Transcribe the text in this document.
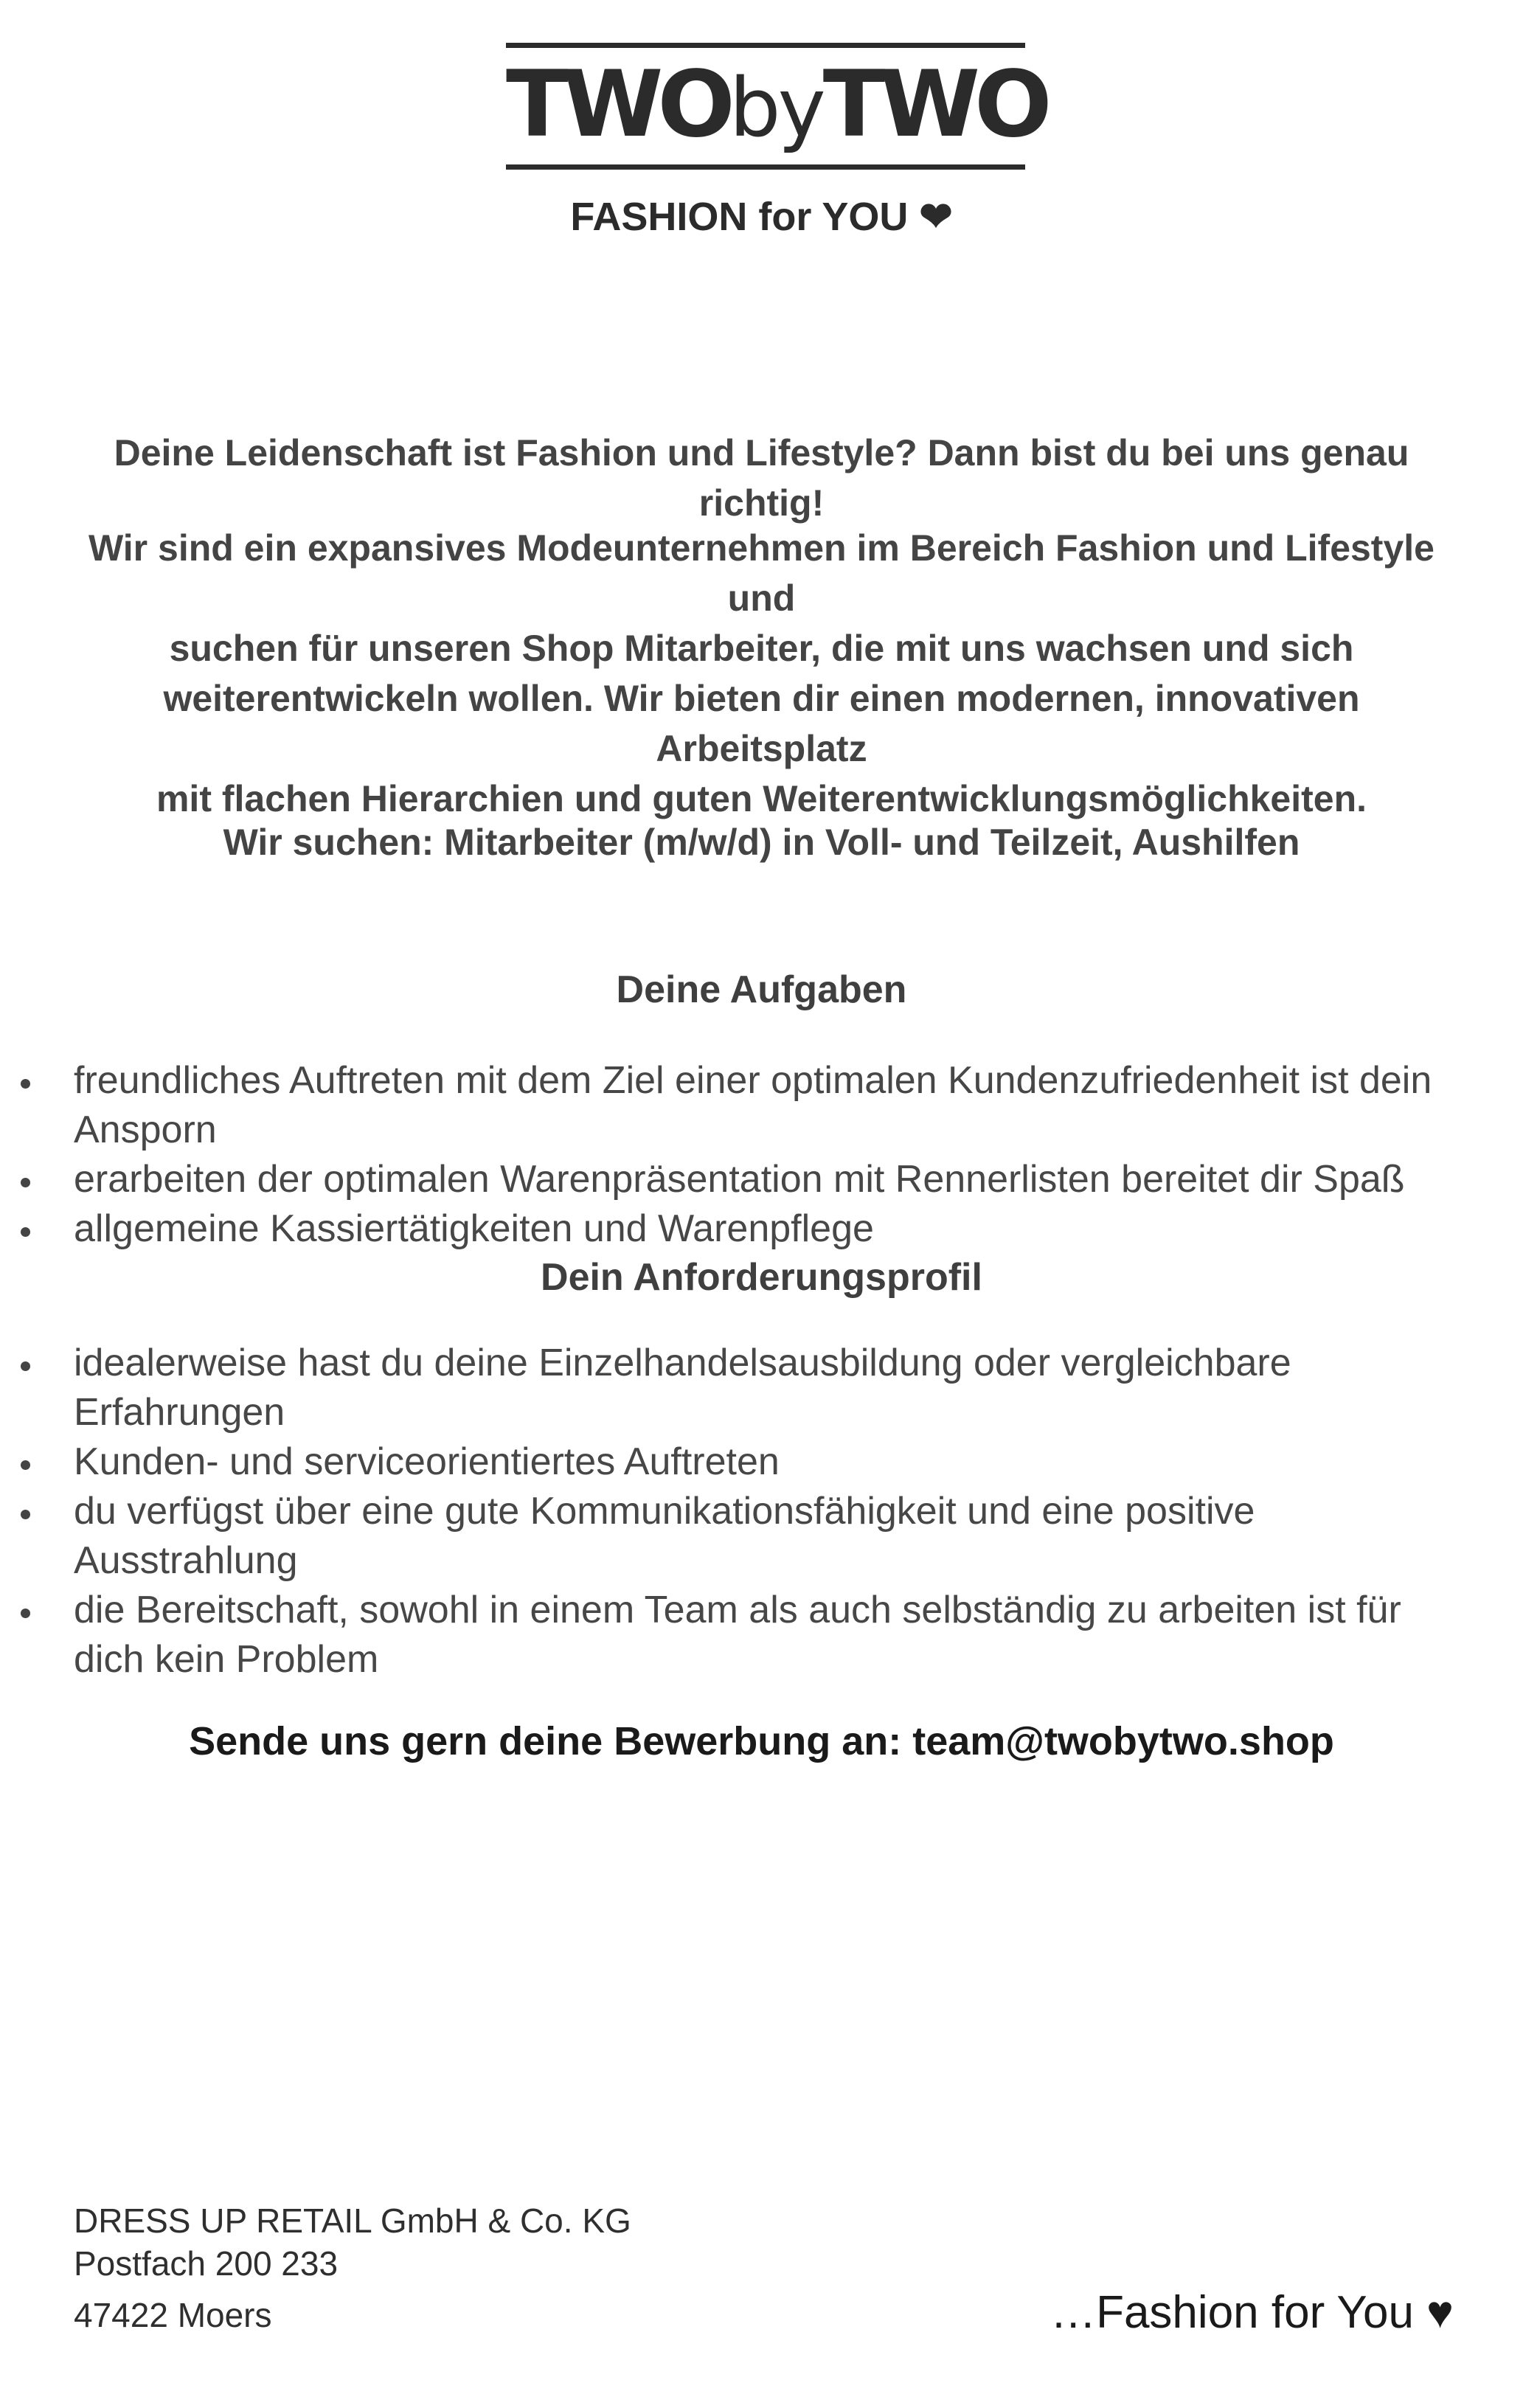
TWObyTWO
FASHION for YOU ❤
Deine Leidenschaft ist Fashion und Lifestyle? Dann bist du bei uns genau richtig!
Wir sind ein expansives Modeunternehmen im Bereich Fashion und Lifestyle und
suchen für unseren Shop Mitarbeiter, die mit uns wachsen und sich
weiterentwickeln wollen. Wir bieten dir einen modernen, innovativen Arbeitsplatz
mit flachen Hierarchien und guten Weiterentwicklungsmöglichkeiten.
Wir suchen: Mitarbeiter (m/w/d) in Voll- und Teilzeit, Aushilfen
Deine Aufgaben
freundliches Auftreten mit dem Ziel einer optimalen Kundenzufriedenheit ist dein Ansporn
erarbeiten der optimalen Warenpräsentation mit Rennerlisten bereitet dir Spaß
allgemeine Kassiertätigkeiten und Warenpflege
Dein Anforderungsprofil
idealerweise hast du deine Einzelhandelsausbildung oder vergleichbare Erfahrungen
Kunden- und serviceorientiertes Auftreten
du verfügst über eine gute Kommunikationsfähigkeit und eine positive Ausstrahlung
die Bereitschaft, sowohl in einem Team als auch selbständig zu arbeiten ist für dich kein Problem
Sende uns gern deine Bewerbung an: team@twobytwo.shop
DRESS UP RETAIL GmbH & Co. KG
Postfach 200 233
47422 Moers	…Fashion for You ♥
